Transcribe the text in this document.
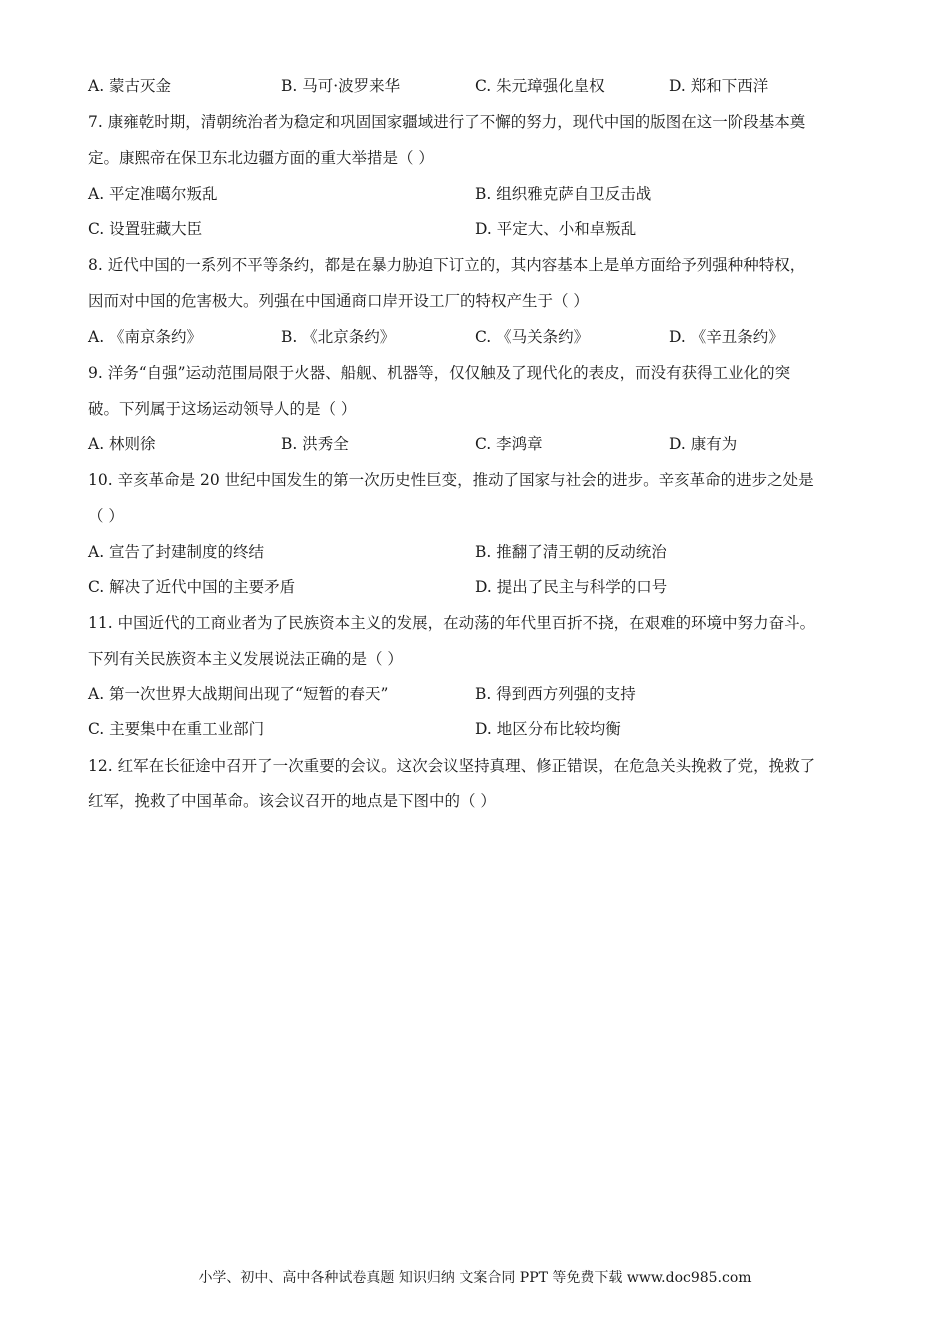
A. 蒙古灭金	B. 马可·波罗来华	C. 朱元璋强化皇权	D. 郑和下西洋
7. 康雍乾时期，清朝统治者为稳定和巩固国家疆域进行了不懈的努力，现代中国的版图在这一阶段基本奠
定。康熙帝在保卫东北边疆方面的重大举措是（ ）
A. 平定准噶尔叛乱	B. 组织雅克萨自卫反击战
C. 设置驻藏大臣	D. 平定大、小和卓叛乱
8. 近代中国的一系列不平等条约，都是在暴力胁迫下订立的，其内容基本上是单方面给予列强种种特权，
因而对中国的危害极大。列强在中国通商口岸开设工厂的特权产生于（ ）
A. 《南京条约》	B. 《北京条约》	C. 《马关条约》	D. 《辛丑条约》
9. 洋务“自强”运动范围局限于火器、船舰、机器等，仅仅触及了现代化的表皮，而没有获得工业化的突
破。下列属于这场运动领导人的是（ ）
A. 林则徐	B. 洪秀全	C. 李鸿章	D. 康有为
10. 辛亥革命是 20 世纪中国发生的第一次历史性巨变，推动了国家与社会的进步。辛亥革命的进步之处是
（ ）
A. 宣告了封建制度的终结	B. 推翻了清王朝的反动统治
C. 解决了近代中国的主要矛盾	D. 提出了民主与科学的口号
11. 中国近代的工商业者为了民族资本主义的发展，在动荡的年代里百折不挠，在艰难的环境中努力奋斗。
下列有关民族资本主义发展说法正确的是（ ）
A. 第一次世界大战期间出现了“短暂的春天”	B. 得到西方列强的支持
C. 主要集中在重工业部门	D. 地区分布比较均衡
12. 红军在长征途中召开了一次重要的会议。这次会议坚持真理、修正错误，在危急关头挽救了党，挽救了
红军，挽救了中国革命。该会议召开的地点是下图中的（ ）
小学、初中、高中各种试卷真题 知识归纳 文案合同 PPT 等免费下载 www.doc985.com
